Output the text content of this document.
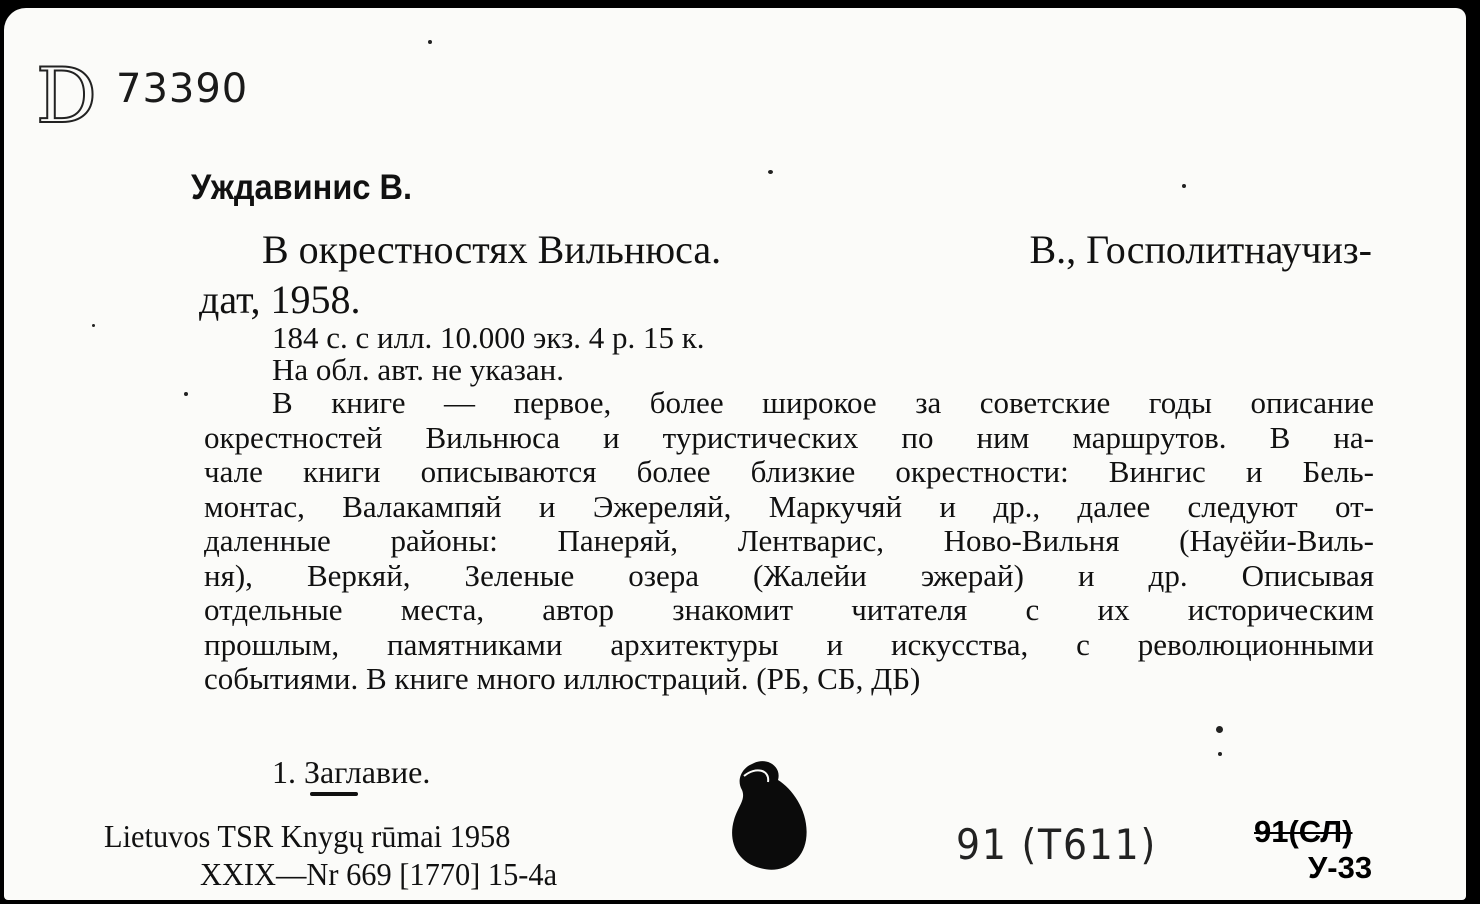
D 73390
Уждавинис В.
В окрестностях Вильнюса.	В., Госполитнаучиз-
дат, 1958.
184 с. с илл. 10.000 экз. 4 р. 15 к.
На обл. авт. не указан.
В книге — первое, более широкое за советские годы описание
окрестностей Вильнюса и туристических по ним маршрутов. В на-
чале книги описываются более близкие окрестности: Вингис и Бель-
монтас, Валакампяй и Эжереляй, Маркучяй и др., далее следуют от-
даленные районы: Панеряй, Лентварис, Ново-Вильня (Науёйи-Виль-
ня), Веркяй, Зеленые озера (Жалейи эжерай) и др. Описывая
отдельные места, автор знакомит читателя с их историческим
прошлым, памятниками архитектуры и искусства, с революционными
событиями. В книге много иллюстраций. (РБ, СБ, ДБ)
1. Заглавие.
Lietuvos TSR Knygų rūmai 1958
XXIX—Nr 669 [1770] 15-4a
91 (T611)	91(СЛ)
У-33
